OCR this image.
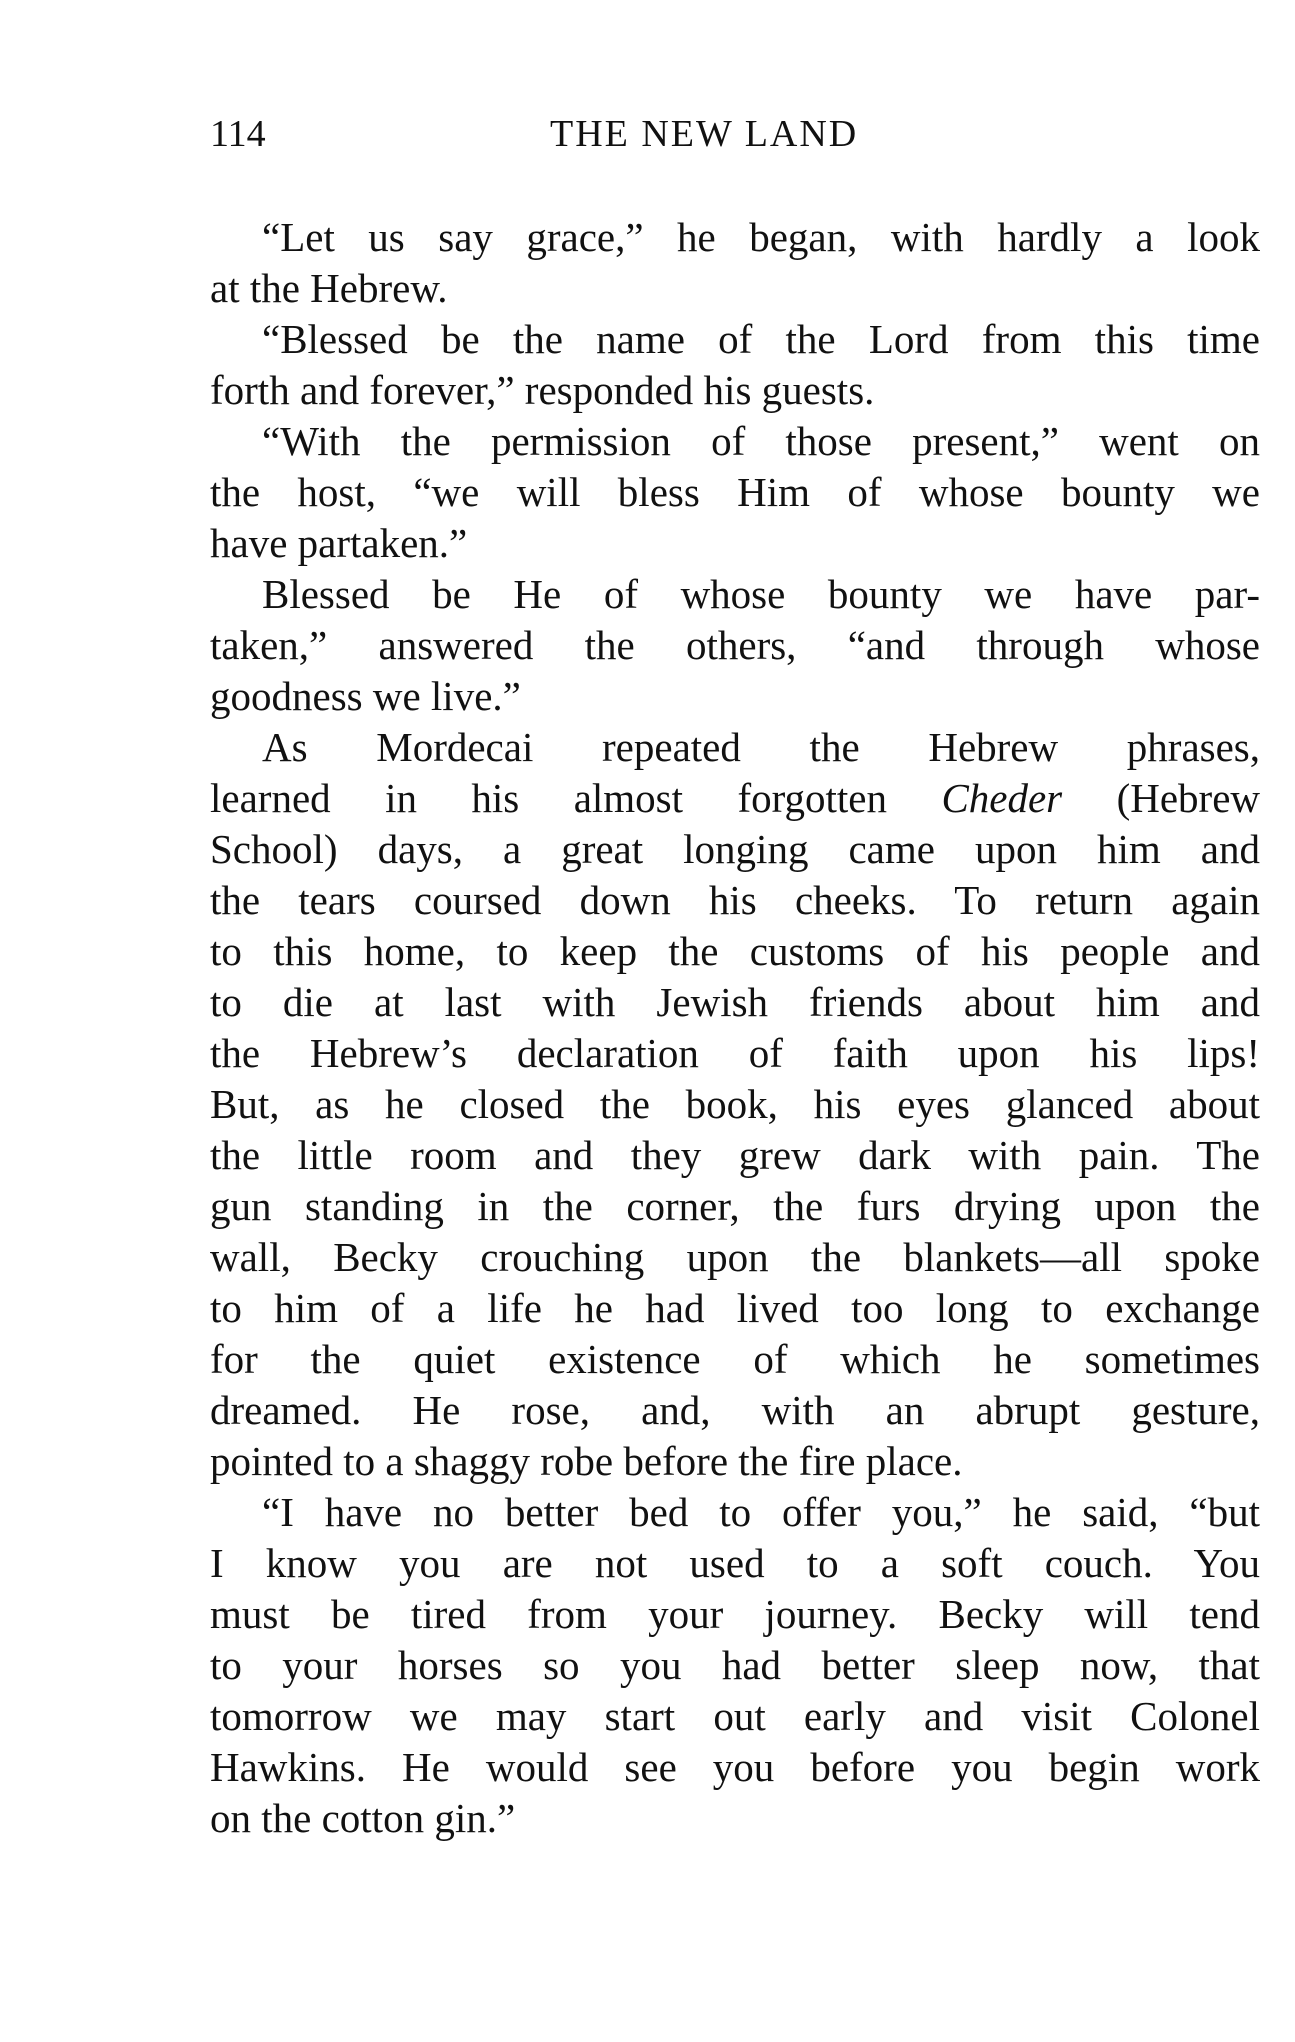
114	THE NEW LAND
“Let us say grace,” he began, with hardly a look
at the Hebrew.
“Blessed be the name of the Lord from this time
forth and forever,” responded his guests.
“With the permission of those present,” went on
the host, “we will bless Him of whose bounty we
have partaken.”
Blessed be He of whose bounty we have par-
taken,” answered the others, “and through whose
goodness we live.”
As Mordecai repeated the Hebrew phrases,
learned in his almost forgotten Cheder (Hebrew
School) days, a great longing came upon him and
the tears coursed down his cheeks. To return again
to this home, to keep the customs of his people and
to die at last with Jewish friends about him and
the Hebrew’s declaration of faith upon his lips!
But, as he closed the book, his eyes glanced about
the little room and they grew dark with pain. The
gun standing in the corner, the furs drying upon the
wall, Becky crouching upon the blankets—all spoke
to him of a life he had lived too long to exchange
for the quiet existence of which he sometimes
dreamed. He rose, and, with an abrupt gesture,
pointed to a shaggy robe before the fire place.
“I have no better bed to offer you,” he said, “but
I know you are not used to a soft couch. You
must be tired from your journey. Becky will tend
to your horses so you had better sleep now, that
tomorrow we may start out early and visit Colonel
Hawkins. He would see you before you begin work
on the cotton gin.”
